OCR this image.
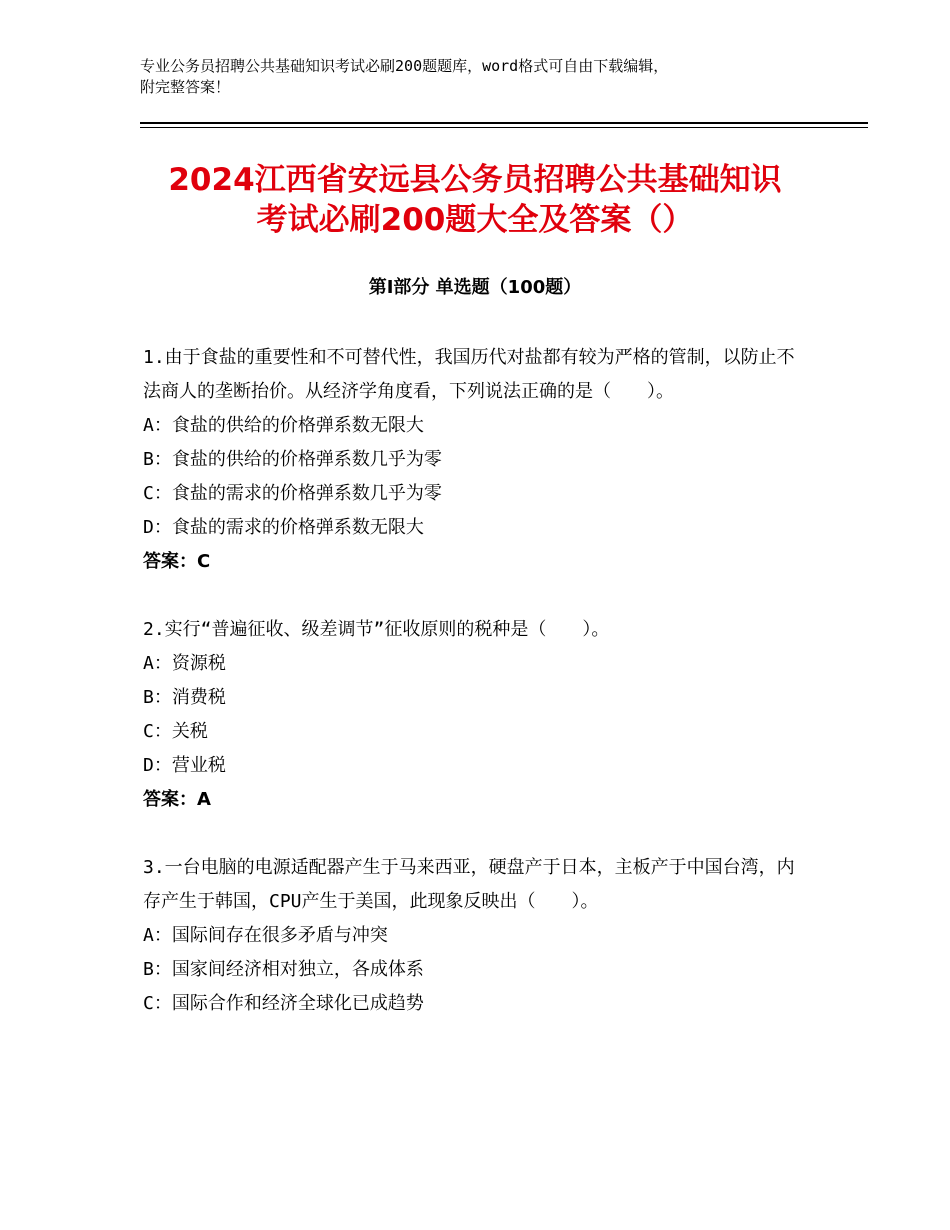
专业公务员招聘公共基础知识考试必刷200题题库，word格式可自由下载编辑，
附完整答案！
2024江西省安远县公务员招聘公共基础知识
考试必刷200题大全及答案（）
第Ⅰ部分 单选题（100题）

1.由于食盐的重要性和不可替代性，我国历代对盐都有较为严格的管制，以防止不法商人的垄断抬价。从经济学角度看，下列说法正确的是（　　）。

A：食盐的供给的价格弹系数无限大

B：食盐的供给的价格弹系数几乎为零

C：食盐的需求的价格弹系数几乎为零

D：食盐的需求的价格弹系数无限大

答案：C

2.实行“普遍征收、级差调节”征收原则的税种是（　　）。

A：资源税

B：消费税

C：关税

D：营业税

答案：A

3.一台电脑的电源适配器产生于马来西亚，硬盘产于日本，主板产于中国台湾，内存产生于韩国，CPU产生于美国，此现象反映出（　　）。

A：国际间存在很多矛盾与冲突

B：国家间经济相对独立，各成体系

C：国际合作和经济全球化已成趋势
